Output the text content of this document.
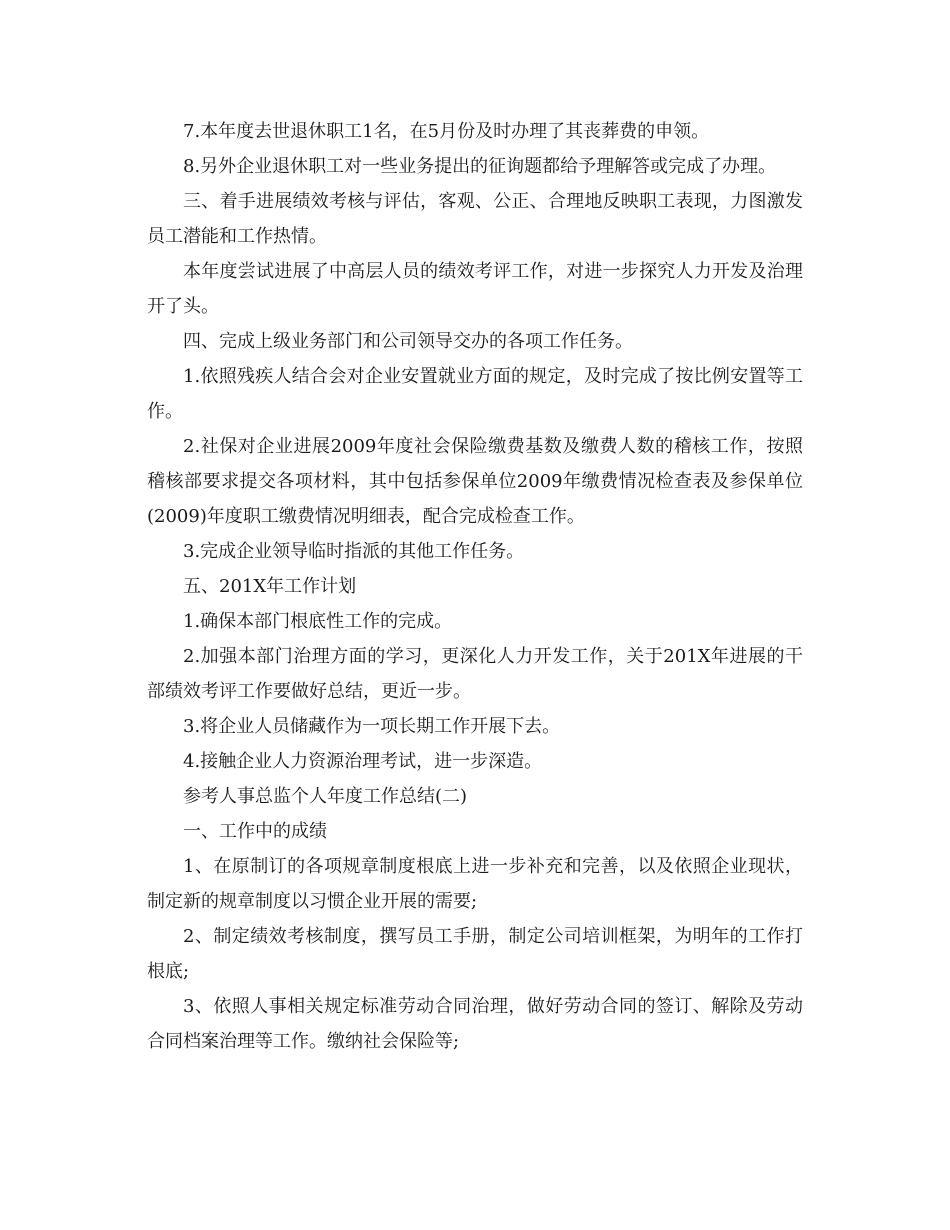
7.本年度去世退休职工1名，在5月份及时办理了其丧葬费的申领。

8.另外企业退休职工对一些业务提出的征询题都给予理解答或完成了办理。

三、着手进展绩效考核与评估，客观、公正、合理地反映职工表现，力图激发员工潜能和工作热情。

本年度尝试进展了中高层人员的绩效考评工作，对进一步探究人力开发及治理开了头。

四、完成上级业务部门和公司领导交办的各项工作任务。

1.依照残疾人结合会对企业安置就业方面的规定，及时完成了按比例安置等工作。

2.社保对企业进展2009年度社会保险缴费基数及缴费人数的稽核工作，按照稽核部要求提交各项材料，其中包括参保单位2009年缴费情况检查表及参保单位(2009)年度职工缴费情况明细表，配合完成检查工作。

3.完成企业领导临时指派的其他工作任务。

五、201X年工作计划

1.确保本部门根底性工作的完成。

2.加强本部门治理方面的学习，更深化人力开发工作，关于201X年进展的干部绩效考评工作要做好总结，更近一步。

3.将企业人员储藏作为一项长期工作开展下去。

4.接触企业人力资源治理考试，进一步深造。

参考人事总监个人年度工作总结(二)

一、工作中的成绩

1、在原制订的各项规章制度根底上进一步补充和完善，以及依照企业现状，制定新的规章制度以习惯企业开展的需要;

2、制定绩效考核制度，撰写员工手册，制定公司培训框架，为明年的工作打根底;

3、依照人事相关规定标准劳动合同治理，做好劳动合同的签订、解除及劳动合同档案治理等工作。缴纳社会保险等;
